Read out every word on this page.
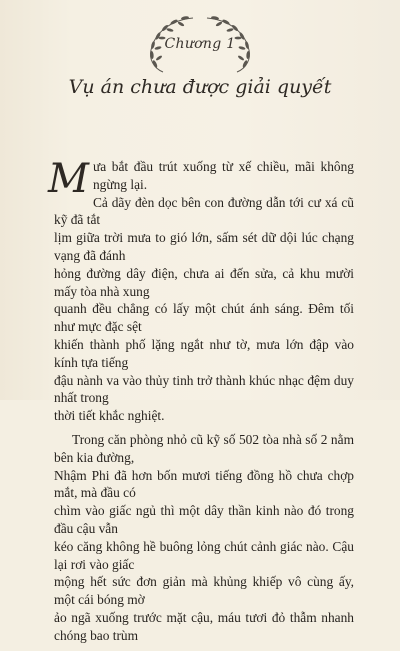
Chương 1
Vụ án chưa được giải quyết

M ưa bắt đầu trút xuống từ xế chiều, mãi không ngừng lại.
Cả dãy đèn dọc bên con đường dẫn tới cư xá cũ kỹ đã tắt
lịm giữa trời mưa to gió lớn, sấm sét dữ dội lúc chạng vạng đã đánh
hỏng đường dây điện, chưa ai đến sửa, cả khu mười mấy tòa nhà xung
quanh đều chẳng có lấy một chút ánh sáng. Đêm tối như mực đặc sệt
khiến thành phố lặng ngắt như tờ, mưa lớn đập vào kính tựa tiếng
đậu nành va vào thủy tinh trở thành khúc nhạc đệm duy nhất trong
thời tiết khắc nghiệt.

Trong căn phòng nhỏ cũ kỹ số 502 tòa nhà số 2 nằm bên kia đường,
Nhậm Phi đã hơn bốn mươi tiếng đồng hồ chưa chợp mắt, mà đầu có
chìm vào giấc ngủ thì một dây thần kinh nào đó trong đầu cậu vẫn
kéo căng không hề buông lỏng chút cảnh giác nào. Cậu lại rơi vào giấc
mộng hết sức đơn giản mà khủng khiếp vô cùng ấy, một cái bóng mờ
ảo ngã xuống trước mặt cậu, máu tươi đỏ thẫm nhanh chóng bao trùm
